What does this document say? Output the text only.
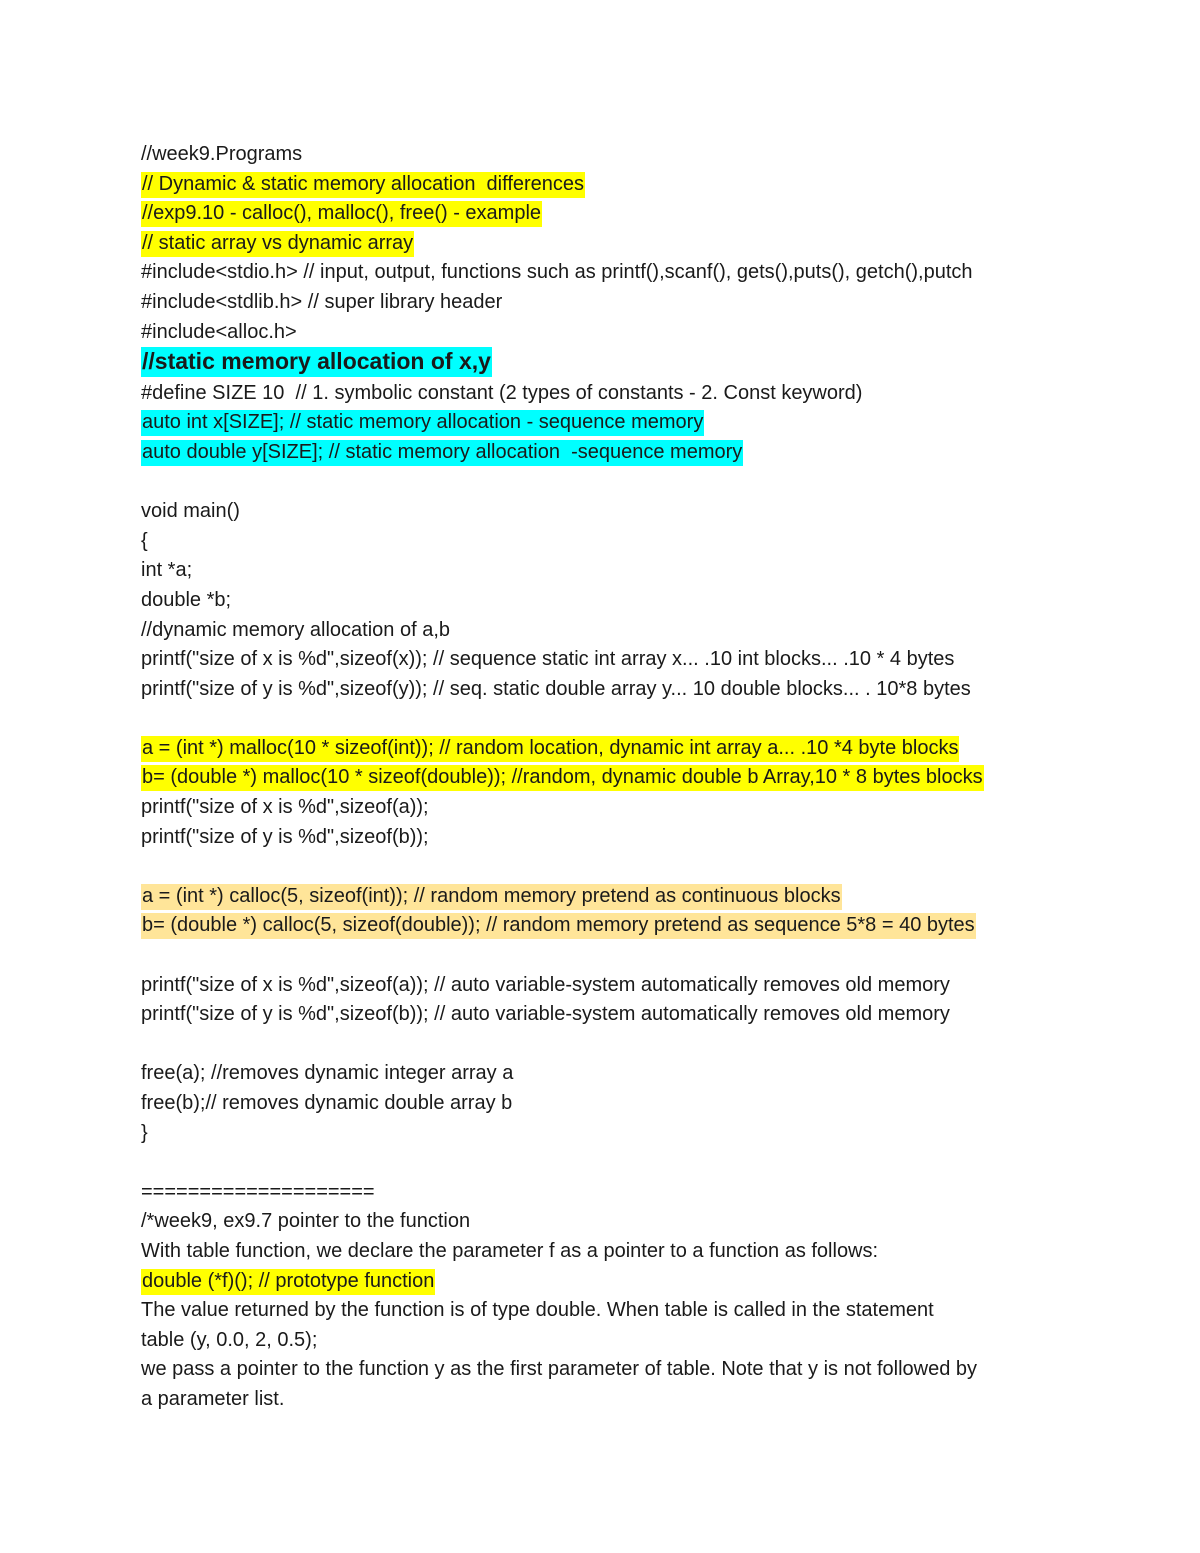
//week9.Programs
// Dynamic & static memory allocation  differences
//exp9.10 - calloc(), malloc(), free() - example
// static array vs dynamic array
#include<stdio.h> // input, output, functions such as printf(),scanf(), gets(),puts(), getch(),putch
#include<stdlib.h> // super library header
#include<alloc.h>
//static memory allocation of x,y
#define SIZE 10  // 1. symbolic constant (2 types of constants - 2. Const keyword)
auto int x[SIZE]; // static memory allocation - sequence memory
auto double y[SIZE]; // static memory allocation  -sequence memory
void main()
{
int *a;
double *b;
//dynamic memory allocation of a,b
printf("size of x is %d",sizeof(x)); // sequence static int array x... .10 int blocks... .10 * 4 bytes
printf("size of y is %d",sizeof(y)); // seq. static double array y... 10 double blocks... . 10*8 bytes
a = (int *) malloc(10 * sizeof(int)); // random location, dynamic int array a... .10 *4 byte blocks
b= (double *) malloc(10 * sizeof(double)); //random, dynamic double b Array,10 * 8 bytes blocks
printf("size of x is %d",sizeof(a));
printf("size of y is %d",sizeof(b));
a = (int *) calloc(5, sizeof(int)); // random memory pretend as continuous blocks
b= (double *) calloc(5, sizeof(double)); // random memory pretend as sequence 5*8 = 40 bytes
printf("size of x is %d",sizeof(a)); // auto variable-system automatically removes old memory
printf("size of y is %d",sizeof(b)); // auto variable-system automatically removes old memory
free(a); //removes dynamic integer array a
free(b);// removes dynamic double array b
}
====================
/*week9, ex9.7 pointer to the function
With table function, we declare the parameter f as a pointer to a function as follows:
double (*f)(); // prototype function
The value returned by the function is of type double. When table is called in the statement
table (y, 0.0, 2, 0.5);
we pass a pointer to the function y as the first parameter of table. Note that y is not followed by
a parameter list.
